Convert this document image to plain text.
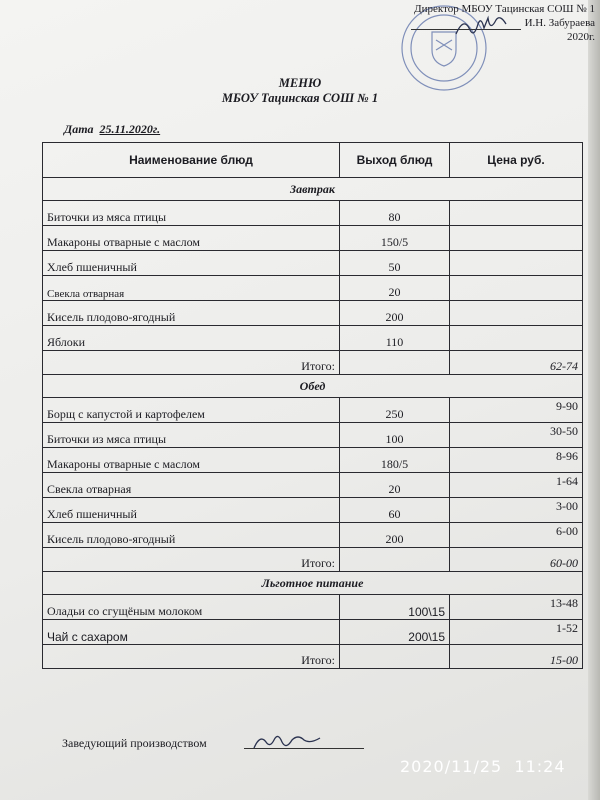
Директор МБОУ Тацинская СОШ № 1
И.Н. Забураева
2020г.
МЕНЮ
МБОУ Тацинская СОШ № 1
Дата 25.11.2020г.
Наименование блюд	Выход блюд	Цена руб.
Завтрак		
Биточки из мяса птицы	80	
Макароны отварные с маслом	150/5	
Хлеб пшеничный	50	
Свекла отварная	20	
Кисель плодово-ягодный	200	
Яблоки	110	
Итого:		62-74
Обед		
Борщ с капустой и картофелем	250	9-90
Биточки из мяса птицы	100	30-50
Макароны отварные с маслом	180/5	8-96
Свекла отварная	20	1-64
Хлеб пшеничный	60	3-00
Кисель плодово-ягодный	200	6-00
Итого:		60-00
Льготное питание		
Оладьи со сгущёным молоком	100\15	13-48
Чай с сахаром	200\15	1-52
Итого:		15-00
Заведующий производством
2020/11/25  11:24
